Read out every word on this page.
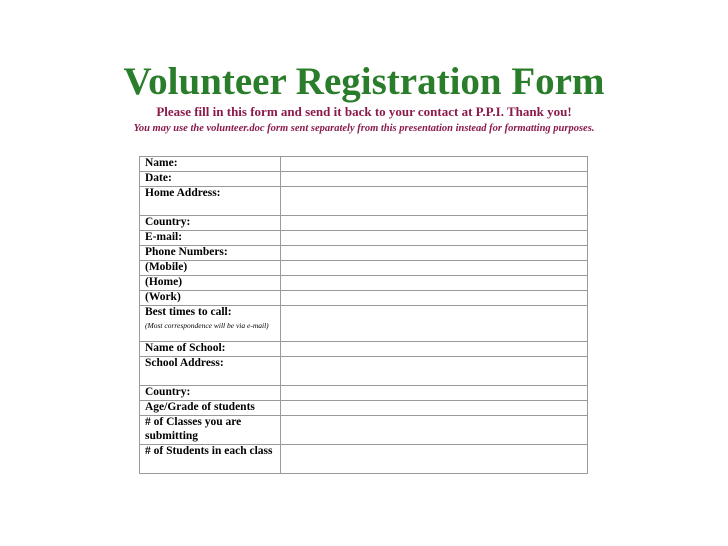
Volunteer Registration Form
Please fill in this form and send it back to your contact at P.P.I. Thank you!
You may use the volunteer.doc form sent separately from this presentation instead for formatting purposes.
Name:	
Date:	
Home Address:	
Country:	
E-mail:	
Phone Numbers:	
(Mobile)	
(Home)	
(Work)	
Best times to call:
(Most correspondence will be via e-mail)	

Name of School:	
School Address:	
Country:	
Age/Grade of students	
# of Classes you are submitting	
# of Students in each class	
